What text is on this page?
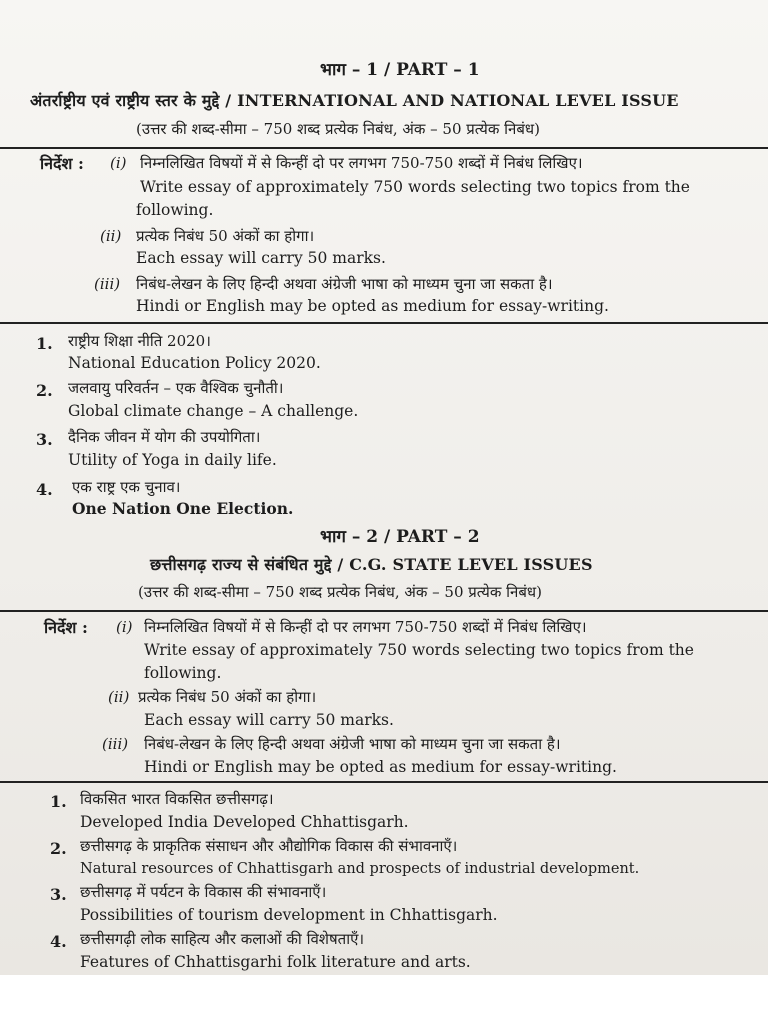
भाग – 1 / PART – 1
अंतर्राष्ट्रीय एवं राष्ट्रीय स्तर के मुद्दे / INTERNATIONAL AND NATIONAL LEVEL ISSUE
(उत्तर की शब्द-सीमा – 750 शब्द प्रत्येक निबंध, अंक – 50 प्रत्येक निबंध)
निर्देश : (i) निम्नलिखित विषयों में से किन्हीं दो पर लगभग 750-750 शब्दों में निबंध लिखिए।
Write essay of approximately 750 words selecting two topics from the
following.
(ii) प्रत्येक निबंध 50 अंकों का होगा।
Each essay will carry 50 marks.
(iii) निबंध-लेखन के लिए हिन्दी अथवा अंग्रेजी भाषा को माध्यम चुना जा सकता है।
Hindi or English may be opted as medium for essay-writing.
1. राष्ट्रीय शिक्षा नीति 2020।
National Education Policy 2020.
2. जलवायु परिवर्तन – एक वैश्विक चुनौती।
Global climate change – A challenge.
3. दैनिक जीवन में योग की उपयोगिता।
Utility of Yoga in daily life.
4. एक राष्ट्र एक चुनाव।
One Nation One Election.
भाग – 2 / PART – 2
छत्तीसगढ़ राज्य से संबंधित मुद्दे / C.G. STATE LEVEL ISSUES
(उत्तर की शब्द-सीमा – 750 शब्द प्रत्येक निबंध, अंक – 50 प्रत्येक निबंध)
निर्देश : (i) निम्नलिखित विषयों में से किन्हीं दो पर लगभग 750-750 शब्दों में निबंध लिखिए।
Write essay of approximately 750 words selecting two topics from the
following.
(ii) प्रत्येक निबंध 50 अंकों का होगा।
Each essay will carry 50 marks.
(iii) निबंध-लेखन के लिए हिन्दी अथवा अंग्रेजी भाषा को माध्यम चुना जा सकता है।
Hindi or English may be opted as medium for essay-writing.
1. विकसित भारत विकसित छत्तीसगढ़।
Developed India Developed Chhattisgarh.
2. छत्तीसगढ़ के प्राकृतिक संसाधन और औद्योगिक विकास की संभावनाएँ।
Natural resources of Chhattisgarh and prospects of industrial development.
3. छत्तीसगढ़ में पर्यटन के विकास की संभावनाएँ।
Possibilities of tourism development in Chhattisgarh.
4. छत्तीसगढ़ी लोक साहित्य और कलाओं की विशेषताएँ।
Features of Chhattisgarhi folk literature and arts.
